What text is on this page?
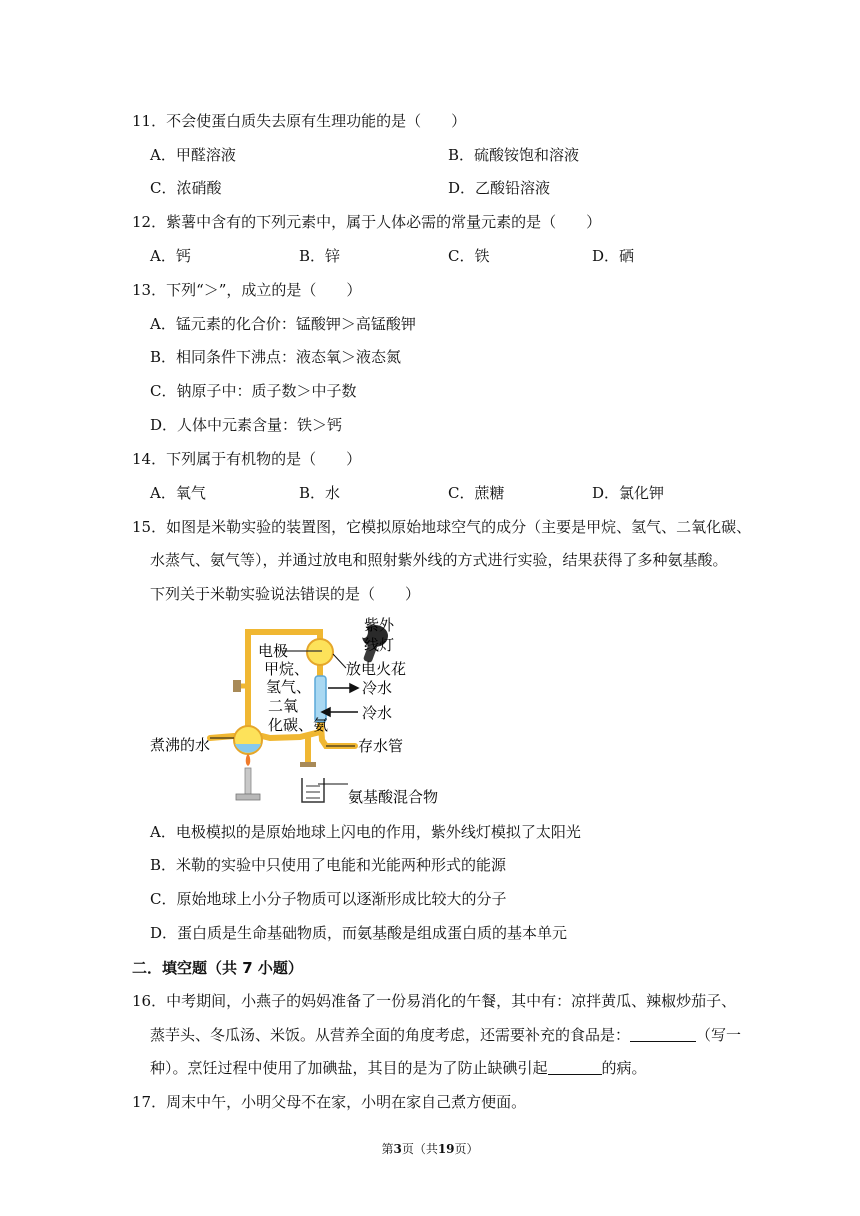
11．不会使蛋白质失去原有生理功能的是（　　）
A．甲醛溶液	B．硫酸铵饱和溶液
C．浓硝酸	D．乙酸铅溶液
12．紫薯中含有的下列元素中，属于人体必需的常量元素的是（　　）
A．钙	B．锌	C．铁	D．硒
13．下列“＞”，成立的是（　　）
A．锰元素的化合价：锰酸钾＞高锰酸钾
B．相同条件下沸点：液态氧＞液态氮
C．钠原子中：质子数＞中子数
D．人体中元素含量：铁＞钙
14．下列属于有机物的是（　　）
A．氧气	B．水	C．蔗糖	D．氯化钾
15．如图是米勒实验的装置图，它模拟原始地球空气的成分（主要是甲烷、氢气、二氧化碳、
水蒸气、氨气等），并通过放电和照射紫外线的方式进行实验，结果获得了多种氨基酸。
下列关于米勒实验说法错误的是（　　）
紫外
线灯
电极
甲烷、
氢气、
二氧
化碳、氨
放电火花
冷水
冷水
煮沸的水	存水管
氨基酸混合物
A．电极模拟的是原始地球上闪电的作用，紫外线灯模拟了太阳光
B．米勒的实验中只使用了电能和光能两种形式的能源
C．原始地球上小分子物质可以逐渐形成比较大的分子
D．蛋白质是生命基础物质，而氨基酸是组成蛋白质的基本单元
二．填空题（共 7 小题）
16．中考期间，小燕子的妈妈准备了一份易消化的午餐，其中有：凉拌黄瓜、辣椒炒茄子、
蒸芋头、冬瓜汤、米饭。从营养全面的角度考虑，还需要补充的食品是：	（写一
种）。烹饪过程中使用了加碘盐，其目的是为了防止缺碘引起	的病。
17．周末中午，小明父母不在家，小明在家自己煮方便面。
第3页（共19页）
